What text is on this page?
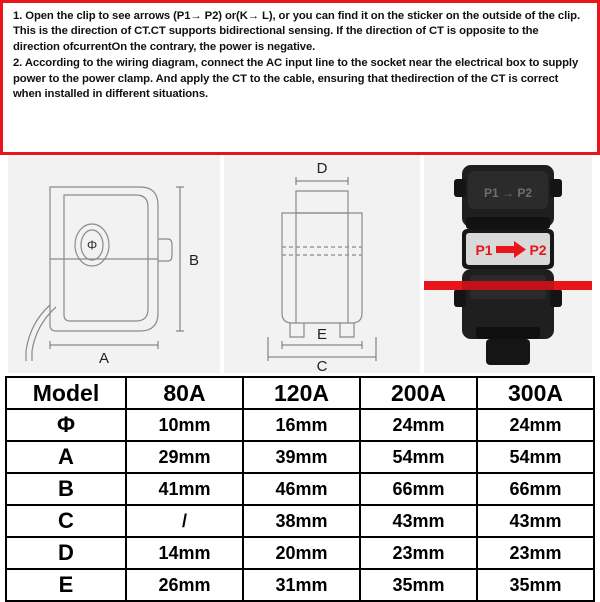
1. Open the clip to see arrows (P1→ P2) or(K→ L), or you can find it on the sticker on the outside of the clip. This is the direction of CT.CT supports bidirectional sensing. If the direction of CT is opposite to the direction ofcurrentOn the contrary, the power is negative.
2. According to the wiring diagram, connect the AC input line to the socket near the electrical box to supply power to the power clamp. And apply the CT to the cable, ensuring that thedirection of the CT is correct when installed in different situations.
Φ
A
B
D
E
C
P1 → P2
P1	P2
Model	80A	120A	200A	300A
Φ	10mm	16mm	24mm	24mm
A	29mm	39mm	54mm	54mm
B	41mm	46mm	66mm	66mm
C	/	38mm	43mm	43mm
D	14mm	20mm	23mm	23mm
E	26mm	31mm	35mm	35mm
